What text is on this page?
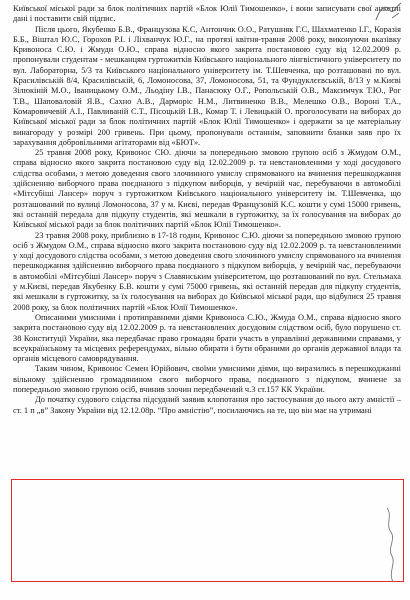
Київської міської ради за блок політичних партій «Блок Юлії Тимошенко», і вони записувати свої анкетні дані і поставити свій підпис.

Після цього, Якубенко Б.В., Французова К.С, Антончик О.О., Ратушняк Г.С, Шахматенко І.Г., Коразія Б.Б., Віштал Ю.С, Горохов Р.І. і Ліхванчук Ю.Г., на протязі квітня-травня 2008 року, виконуючи вказівку Кривоноса С.Ю. і Жмуди О.Ю., справа відносно якого закрита постановою суду від 12.02.2009 р. пропонували студентам - мешканцям гуртожитків Київського національного лінгвістичного університету по вул. Лабораторна, 5/3 та Київського національного університету ім. Т.Шевченка, що розташовані по вул. Красилівській 8/4, Красилівській, 6, Ломоносова, 37, Ломоносова, 51, та Фундуклєєвській, 8/13 у м.Києві Зілюкіній М.О., Іваницькому О.М., Льодіну І.В., Панасюку О.Г., Ропольській О.В., Максимчук Т.Ю., Рог Т.В., Шаповаловій Я.В., Сахно А.В., Дарморіс Н.М., Литвиненко В.В., Мелешко О.В., Вороні Т.А., Комаровичевій А.І., Павливаній С.Т., Пісоцькій І.В., Комар Т. і Левицькій О. проголосувати на виборах до Київської міської ради за блок політичних партій «Блок Юлії Тимошенко» і одержати за це матеріальну винагороду у розмірі 200 гривень. При цьому, пропонували останнім, заповнити бланки заяв про їх зарахування добровільними агітаторами від «БЮТ».

25 травня 2008 року, Кривонос СЮ. діючи за попередньою змовою групою осіб з Жмудом О.М., справа відносно якого закрита постановою суду від 12.02.2009 р. та невстановленими у ході досудового слідства особами, з метою доведення свого злочинного умислу спрямованого на вчинення перешкоджання здійсненню виборчого права поєднаного з підкупом виборців, у вечірній час, перебуваючи в автомобілі «Мітсубіші Лансер» поруч з гуртожитком Київського національного університету ім. Т.Шевченка, що розташований по вулиці Ломоносова, 37 у м. Києві, передав Французовій К.С. кошти у сумі 15000 гривень, які останній передала для підкупу студентів, які мешкали в гуртожитку, за їх голосування на виборах до Київської міської ради за блок політичних партій «Блок Юлії Тимошенко».

23 травня 2008 року, приблизно в 17-18 годин, Кривонос С.Ю. діючи за попередньою змовою групою осіб з Жмудом О.М., справа відносно якого закрита постановою суду від 12.02.2009 р. та невстановленими у ході досудового слідства особами, з метою доведення свого злочинного умислу спрямованого на вчинення перешкоджання здійсненню виборчого права поєднаного з підкупом виборців, у вечірній час, перебуваючи в автомобілі «Мітсубіші Лансер» поруч з Славянським університетом, що розташований по вул. Стельмаха у м.Києві, передав Якубенку Б.В. кошти у сумі 75000 гривень, які останній передав для підкупу студентів, які мешкали в гуртожитку, за їх голосування на виборах до Київської міської ради, що відбулися 25 травня 2008 року, за блок політичних партій «Блок Юлії Тимошенко».

Описаними умисними і протиправними діями Кривоноса С.Ю., Жмуда О.М., справа відносно якого закрита постановою суду від 12.02.2009 р. та невстановлених досудовим слідством осіб, було порушено ст. 38 Конституції України, яка передбачає право громадян брати участь в управлінні державними справами, у всеукраїнському та місцевих референдумах, вільно обирати і бути обраними до органів державної влади та органів місцевого самоврядування.

Таким чином, Кривонос Семен Юрійович, своїми умисними діями, що виразились в перешкоджанні вільному здійсненню громадянином свого виборчого права, поєднаного з підкупом, вчинене за попередньою змовою групою осіб, вчинив злочин передбачений ч.3 ст.157 КК України.

До початку судового слідства підсудний заявив клопотання про застосування до нього акту амністії – ст. 1 п „в” Закону України від 12.12.08р. “Про амністію”, посилаючись на те, що він має на утримані
